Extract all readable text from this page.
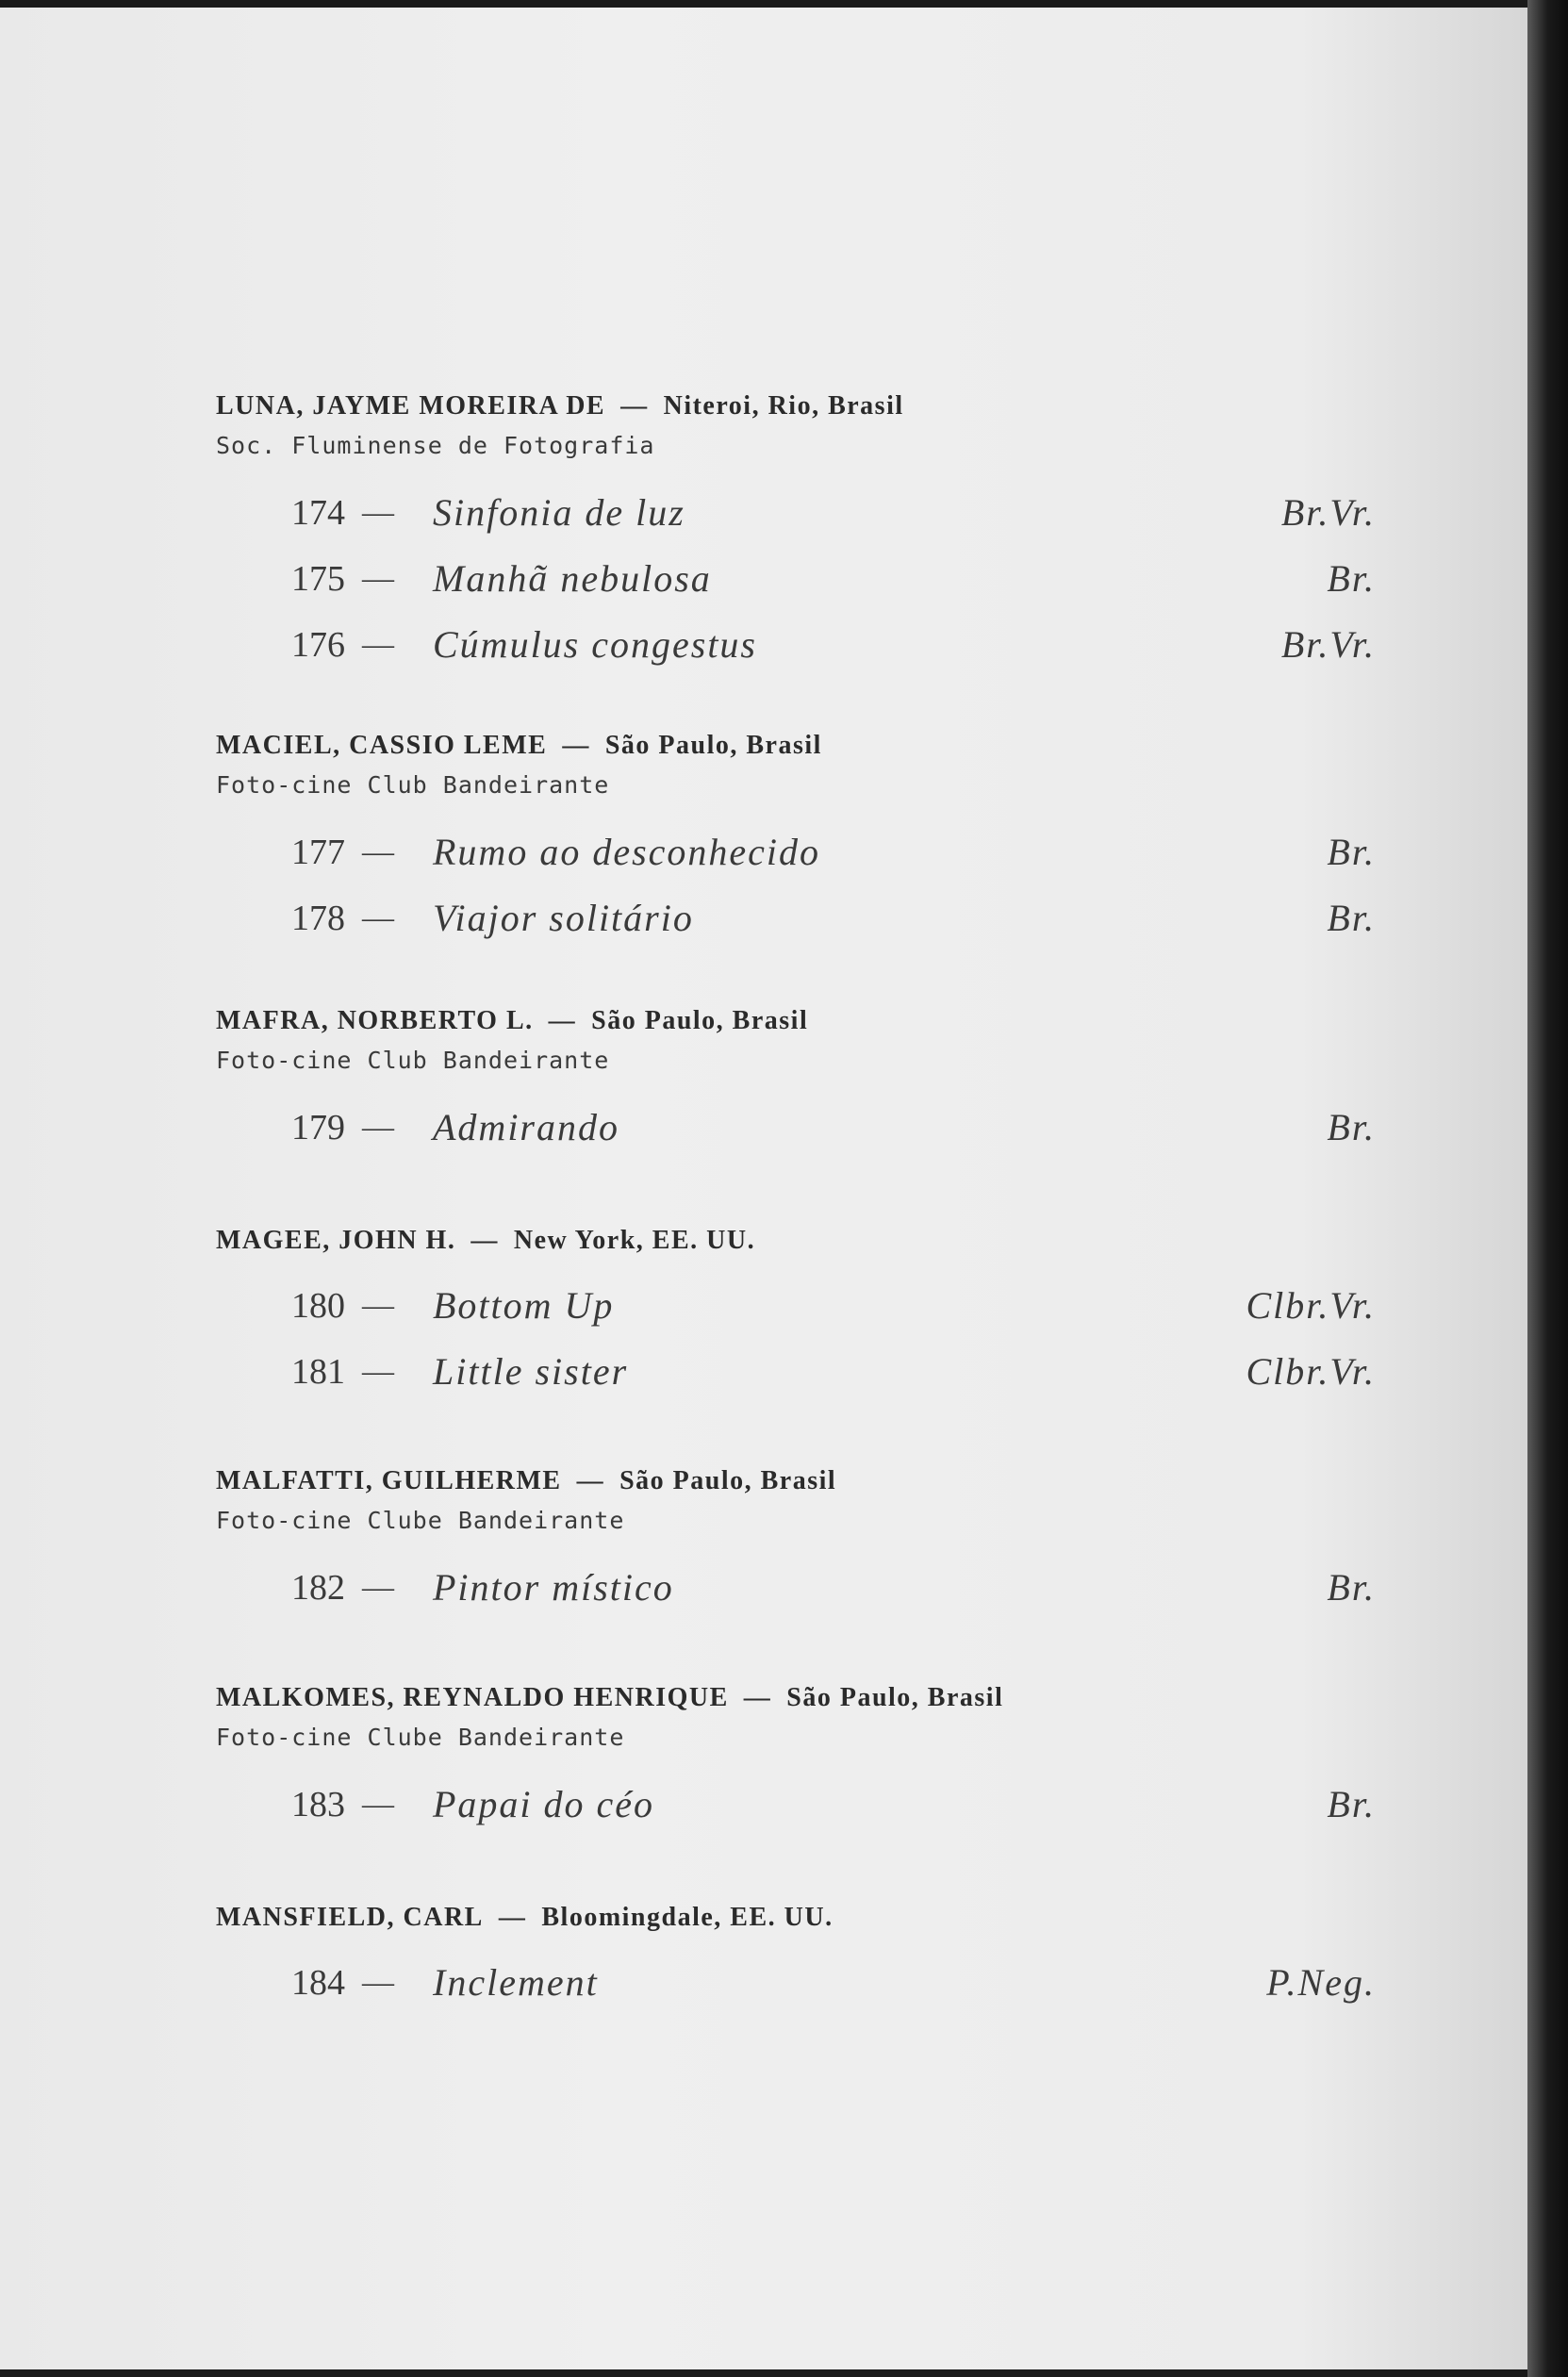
LUNA, JAYME MOREIRA DE — Niteroi, Rio, Brasil
Soc. Fluminense de Fotografia
174 — Sinfonia de luz	Br.Vr.
175 — Manhã nebulosa	Br.
176 — Cúmulus congestus	Br.Vr.
MACIEL, CASSIO LEME — São Paulo, Brasil
Foto-cine Club Bandeirante
177 — Rumo ao desconhecido	Br.
178 — Viajor solitário	Br.
MAFRA, NORBERTO L. — São Paulo, Brasil
Foto-cine Club Bandeirante
179 — Admirando	Br.
MAGEE, JOHN H. — New York, EE. UU.
180 — Bottom Up	Clbr.Vr.
181 — Little sister	Clbr.Vr.
MALFATTI, GUILHERME — São Paulo, Brasil
Foto-cine Clube Bandeirante
182 — Pintor místico	Br.
MALKOMES, REYNALDO HENRIQUE — São Paulo, Brasil
Foto-cine Clube Bandeirante
183 — Papai do céo	Br.
MANSFIELD, CARL — Bloomingdale, EE. UU.
184 — Inclement	P.Neg.
